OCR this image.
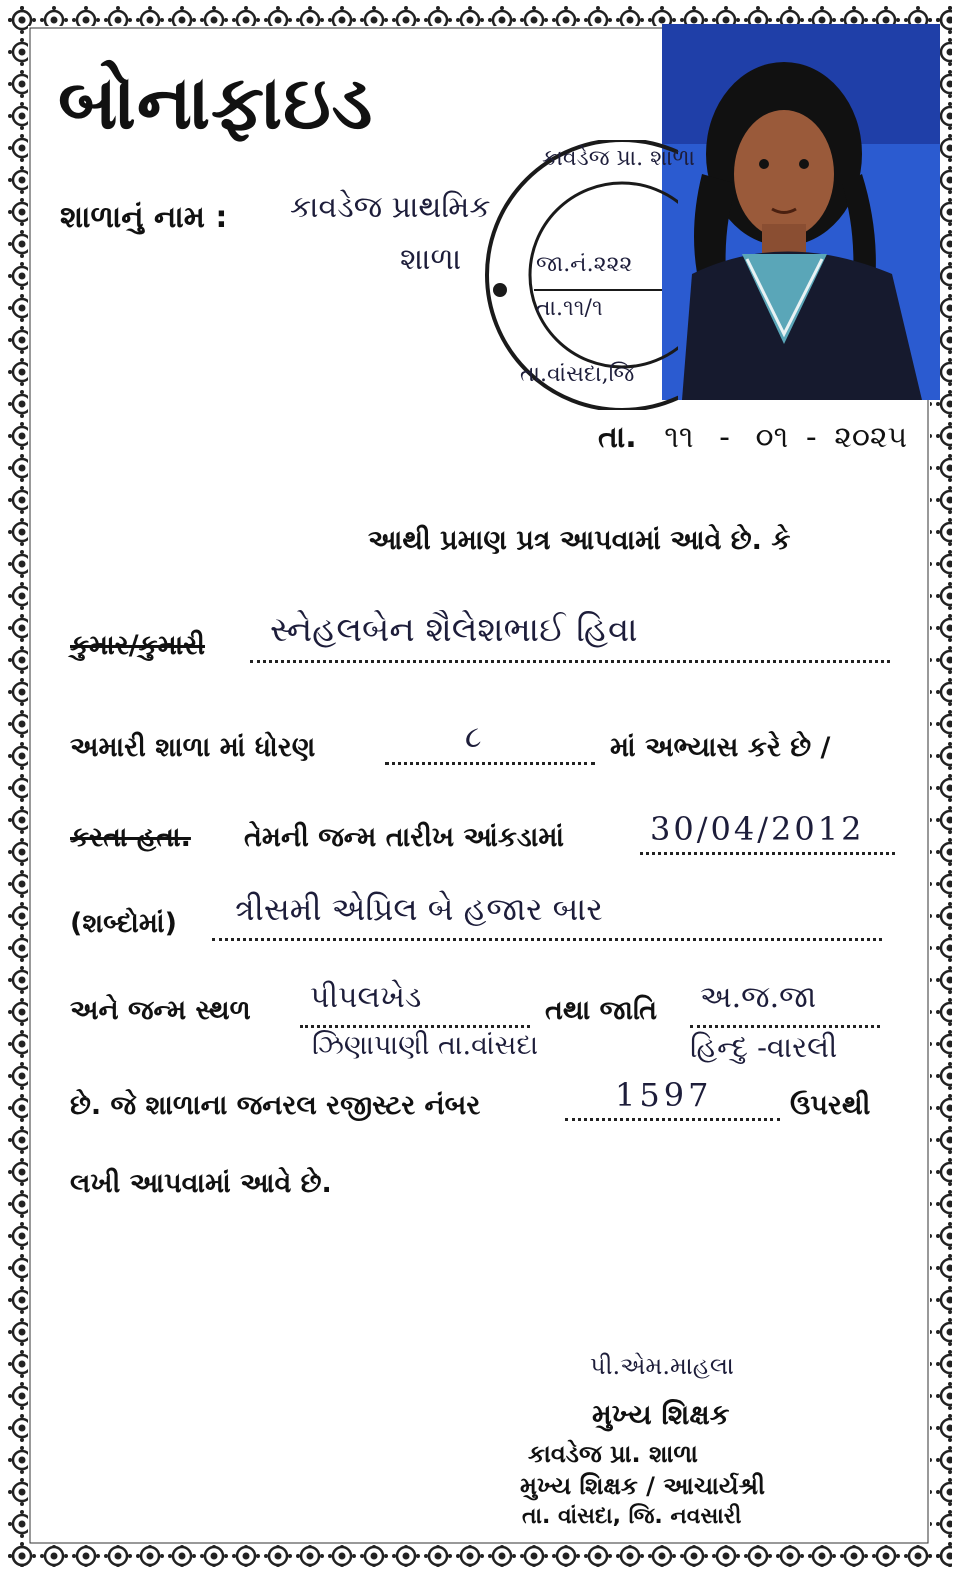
બોનાફાઇડ
શાળાનું નામ : કાવડેજ પ્રાથમિક
શાળા
કાવડેજ પ્રા. શાળા
જા.નં.૨૨૨
તા.૧૧/૧
તા.વાંસદા,જિ
તા. ૧૧ - ૦૧ - ૨૦૨૫
આથી પ્રમાણ પ્રત્ર આપવામાં આવે છે. કે
કુમાર/કુમારી સ્નેહલબેન શૈલેશભાઈ હિવા
અમારી શાળા માં ધોરણ	૮	માં અભ્યાસ કરે છે /
કરતા હતા. તેમની જન્મ તારીખ આંકડામાં	30/04/2012
(શબ્દોમાં) ત્રીસમી એપ્રિલ બે હજાર બાર
અને જન્મ સ્થળ પીપલખેડ	તથા જાતિ અ.જ.જા
ઝિણાપાણી તા.વાંસદા	હિન્દુ -વારલી
છે. જે શાળાના જનરલ રજીસ્ટર નંબર	1597	ઉપરથી
લખી આપવામાં આવે છે.
પી.એમ.માહલા
મુખ્ય શિક્ષક
કાવડેજ પ્રા. શાળા
મુખ્ય શિક્ષક / આચાર્યશ્રી
તા. વાંસદા, જિ. નવસારી
